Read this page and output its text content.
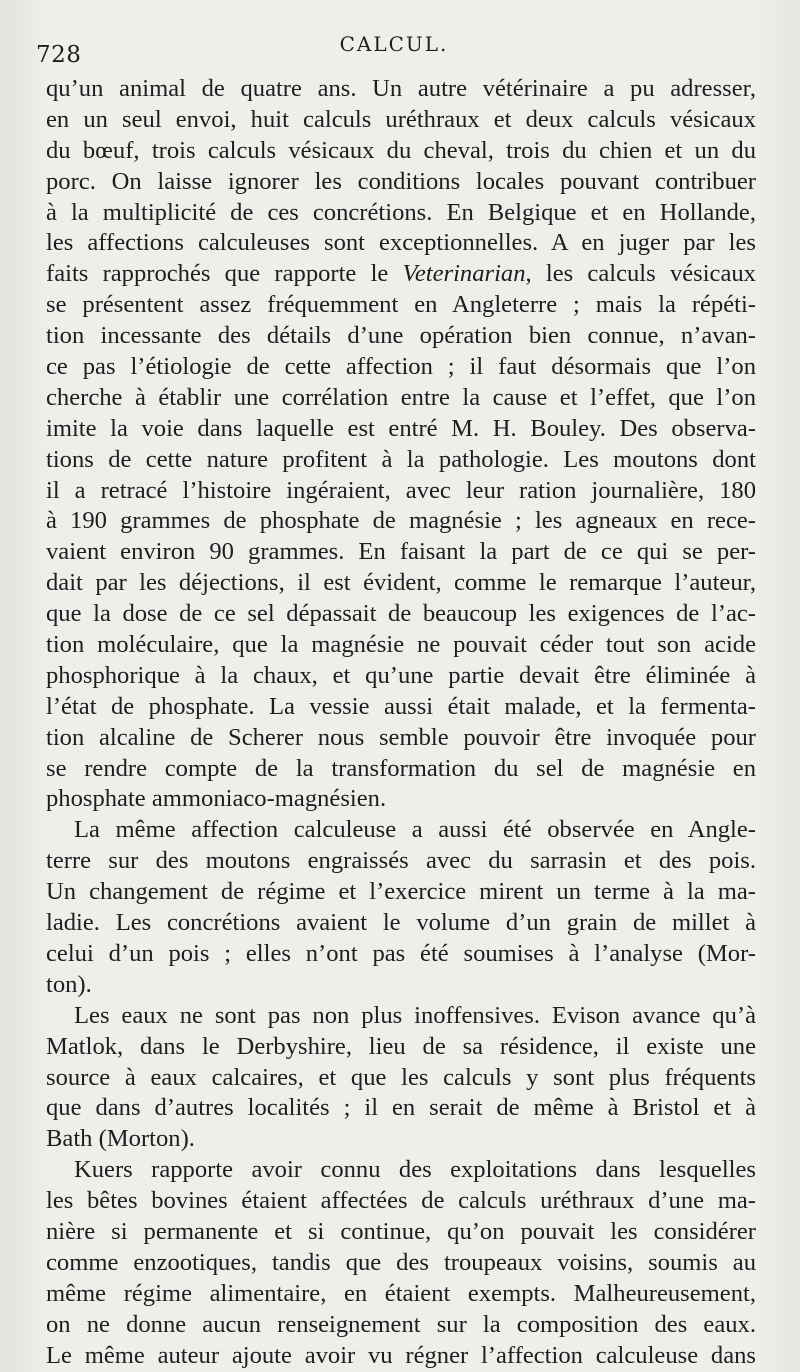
728	CALCUL.
qu’un animal de quatre ans. Un autre vétérinaire a pu adresser,
en un seul envoi, huit calculs uréthraux et deux calculs vésicaux
du bœuf, trois calculs vésicaux du cheval, trois du chien et un du
porc. On laisse ignorer les conditions locales pouvant contribuer
à la multiplicité de ces concrétions. En Belgique et en Hollande,
les affections calculeuses sont exceptionnelles. A en juger par les
faits rapprochés que rapporte le Veterinarian, les calculs vésicaux
se présentent assez fréquemment en Angleterre ; mais la répéti-
tion incessante des détails d’une opération bien connue, n’avan-
ce pas l’étiologie de cette affection ; il faut désormais que l’on
cherche à établir une corrélation entre la cause et l’effet, que l’on
imite la voie dans laquelle est entré M. H. Bouley. Des observa-
tions de cette nature profitent à la pathologie. Les moutons dont
il a retracé l’histoire ingéraient, avec leur ration journalière, 180
à 190 grammes de phosphate de magnésie ; les agneaux en rece-
vaient environ 90 grammes. En faisant la part de ce qui se per-
dait par les déjections, il est évident, comme le remarque l’auteur,
que la dose de ce sel dépassait de beaucoup les exigences de l’ac-
tion moléculaire, que la magnésie ne pouvait céder tout son acide
phosphorique à la chaux, et qu’une partie devait être éliminée à
l’état de phosphate. La vessie aussi était malade, et la fermenta-
tion alcaline de Scherer nous semble pouvoir être invoquée pour
se rendre compte de la transformation du sel de magnésie en
phosphate ammoniaco-magnésien.
La même affection calculeuse a aussi été observée en Angle-
terre sur des moutons engraissés avec du sarrasin et des pois.
Un changement de régime et l’exercice mirent un terme à la ma-
ladie. Les concrétions avaient le volume d’un grain de millet à
celui d’un pois ; elles n’ont pas été soumises à l’analyse (Mor-
ton).
Les eaux ne sont pas non plus inoffensives. Evison avance qu’à
Matlok, dans le Derbyshire, lieu de sa résidence, il existe une
source à eaux calcaires, et que les calculs y sont plus fréquents
que dans d’autres localités ; il en serait de même à Bristol et à
Bath (Morton).
Kuers rapporte avoir connu des exploitations dans lesquelles
les bêtes bovines étaient affectées de calculs uréthraux d’une ma-
nière si permanente et si continue, qu’on pouvait les considérer
comme enzootiques, tandis que des troupeaux voisins, soumis au
même régime alimentaire, en étaient exempts. Malheureusement,
on ne donne aucun renseignement sur la composition des eaux.
Le même auteur ajoute avoir vu régner l’affection calculeuse dans
